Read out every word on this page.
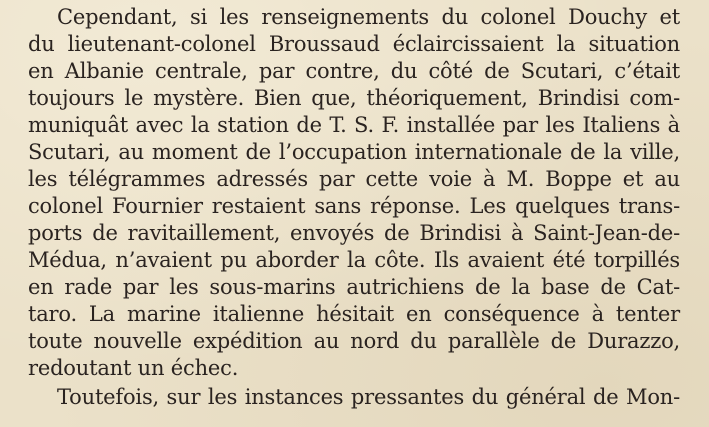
Cependant, si les renseignements du colonel Douchy et

du lieutenant-colonel Broussaud éclaircissaient la situation

en Albanie centrale, par contre, du côté de Scutari, c’était

toujours le mystère. Bien que, théoriquement, Brindisi com-

muniquât avec la station de T. S. F. installée par les Italiens à

Scutari, au moment de l’occupation internationale de la ville,

les télégrammes adressés par cette voie à M. Boppe et au

colonel Fournier restaient sans réponse. Les quelques trans-

ports de ravitaillement, envoyés de Brindisi à Saint-Jean-de-

Médua, n’avaient pu aborder la côte. Ils avaient été torpillés

en rade par les sous-marins autrichiens de la base de Cat-

taro. La marine italienne hésitait en conséquence à tenter

toute nouvelle expédition au nord du parallèle de Durazzo,

redoutant un échec.

Toutefois, sur les instances pressantes du général de Mon-
